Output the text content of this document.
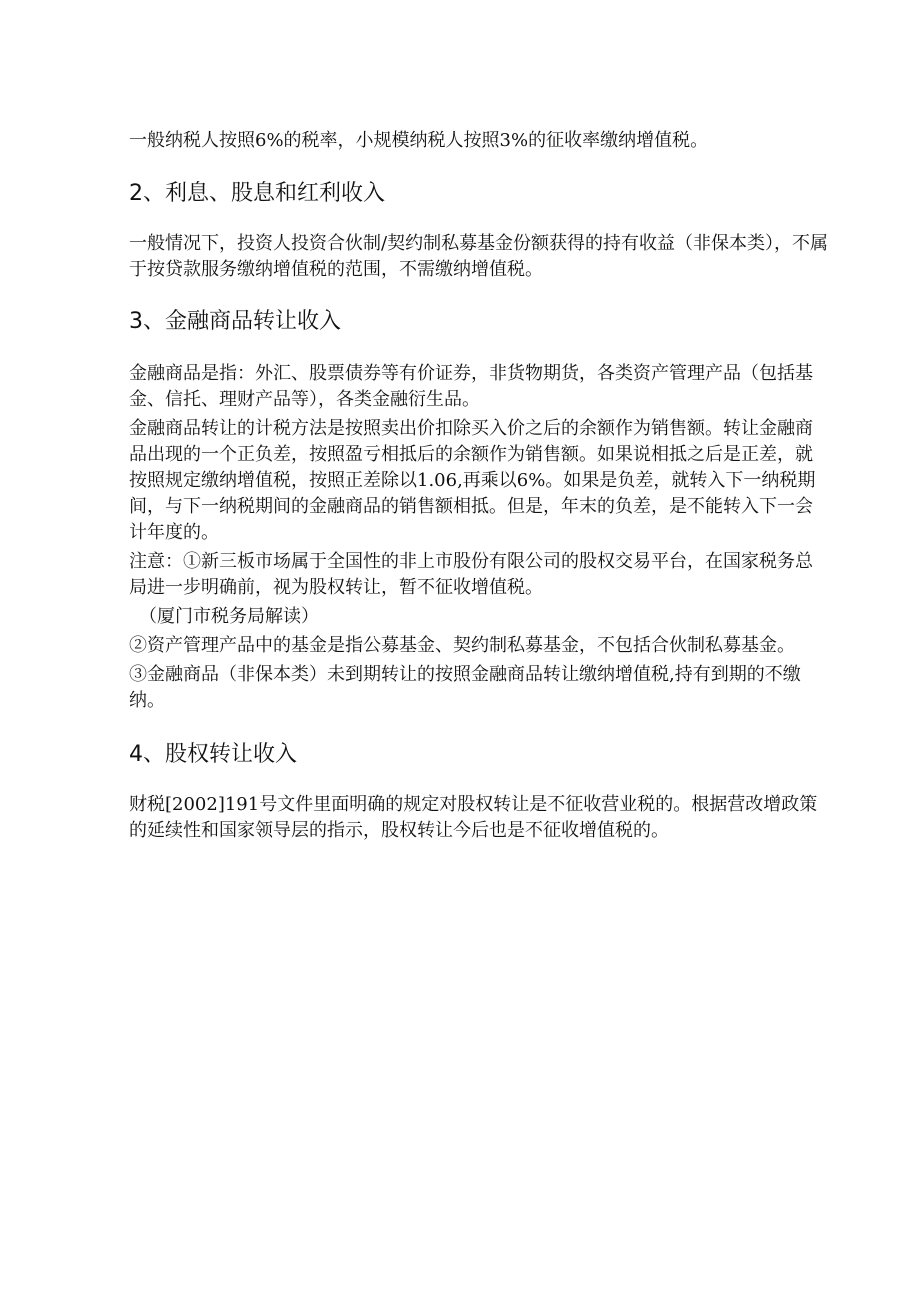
一般纳税人按照6%的税率，小规模纳税人按照3%的征收率缴纳增值税。

2、利息、股息和红利收入

一般情况下，投资人投资合伙制/契约制私募基金份额获得的持有收益（非保本类），不属于按贷款服务缴纳增值税的范围，不需缴纳增值税。

3、金融商品转让收入

金融商品是指：外汇、股票债券等有价证券，非货物期货，各类资产管理产品（包括基金、信托、理财产品等），各类金融衍生品。

金融商品转让的计税方法是按照卖出价扣除买入价之后的余额作为销售额。转让金融商品出现的一个正负差，按照盈亏相抵后的余额作为销售额。如果说相抵之后是正差，就按照规定缴纳增值税，按照正差除以1.06,再乘以6%。如果是负差，就转入下一纳税期间，与下一纳税期间的金融商品的销售额相抵。但是，年末的负差，是不能转入下一会计年度的。

注意：①新三板市场属于全国性的非上市股份有限公司的股权交易平台，在国家税务总局进一步明确前，视为股权转让，暂不征收增值税。

（厦门市税务局解读）

②资产管理产品中的基金是指公募基金、契约制私募基金，不包括合伙制私募基金。

③金融商品（非保本类）未到期转让的按照金融商品转让缴纳增值税,持有到期的不缴纳。

4、股权转让收入

财税[2002]191号文件里面明确的规定对股权转让是不征收营业税的。根据营改增政策的延续性和国家领导层的指示，股权转让今后也是不征收增值税的。
